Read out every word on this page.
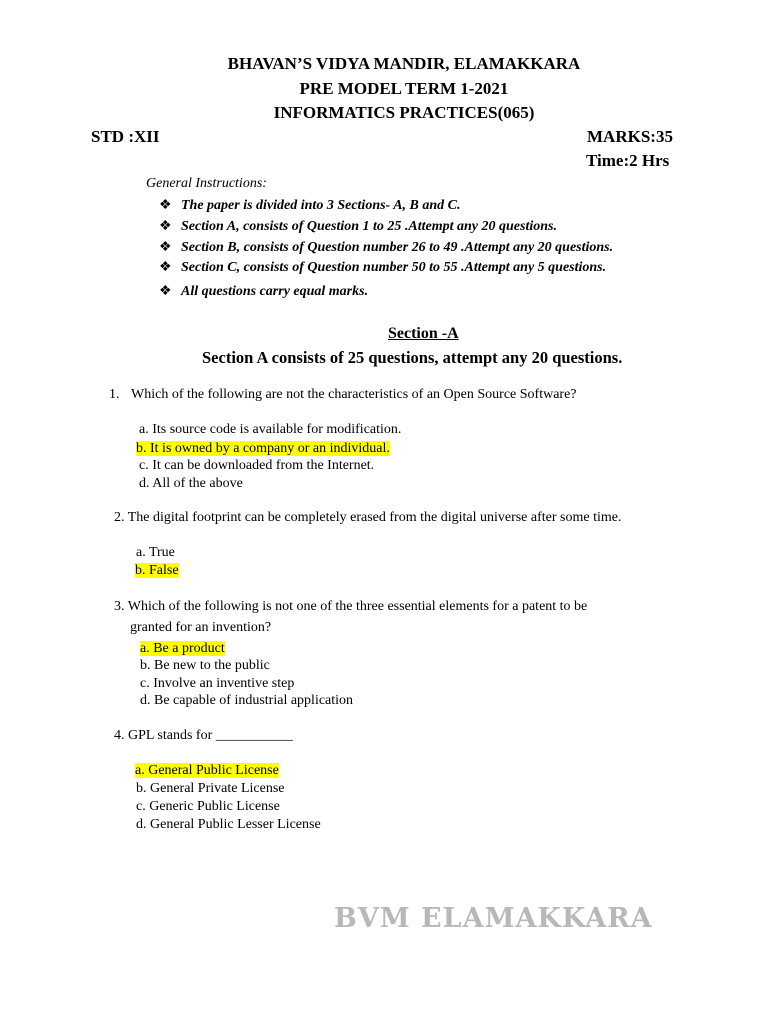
BHAVAN’S VIDYA MANDIR, ELAMAKKARA
PRE MODEL TERM 1-2021
INFORMATICS PRACTICES(065)
STD :XII	MARKS:35
Time:2 Hrs
General Instructions:
❖ The paper is divided into 3 Sections- A, B and C.
❖ Section A, consists of Question 1 to 25 .Attempt any 20 questions.
❖ Section B, consists of Question number 26 to 49 .Attempt any 20 questions.
❖ Section C, consists of Question number 50 to 55 .Attempt any 5 questions.
❖ All questions carry equal marks.
Section -A
Section A consists of 25 questions, attempt any 20 questions.
1. Which of the following are not the characteristics of an Open Source Software?
a. Its source code is available for modification.
b. It is owned by a company or an individual.
c. It can be downloaded from the Internet.
d. All of the above
2. The digital footprint can be completely erased from the digital universe after some time.
a. True
b. False
3. Which of the following is not one of the three essential elements for a patent to be
granted for an invention?
a. Be a product
b. Be new to the public
c. Involve an inventive step
d. Be capable of industrial application
4. GPL stands for ___________
a. General Public License
b. General Private License
c. Generic Public License
d. General Public Lesser License
BVM ELAMAKKARA
